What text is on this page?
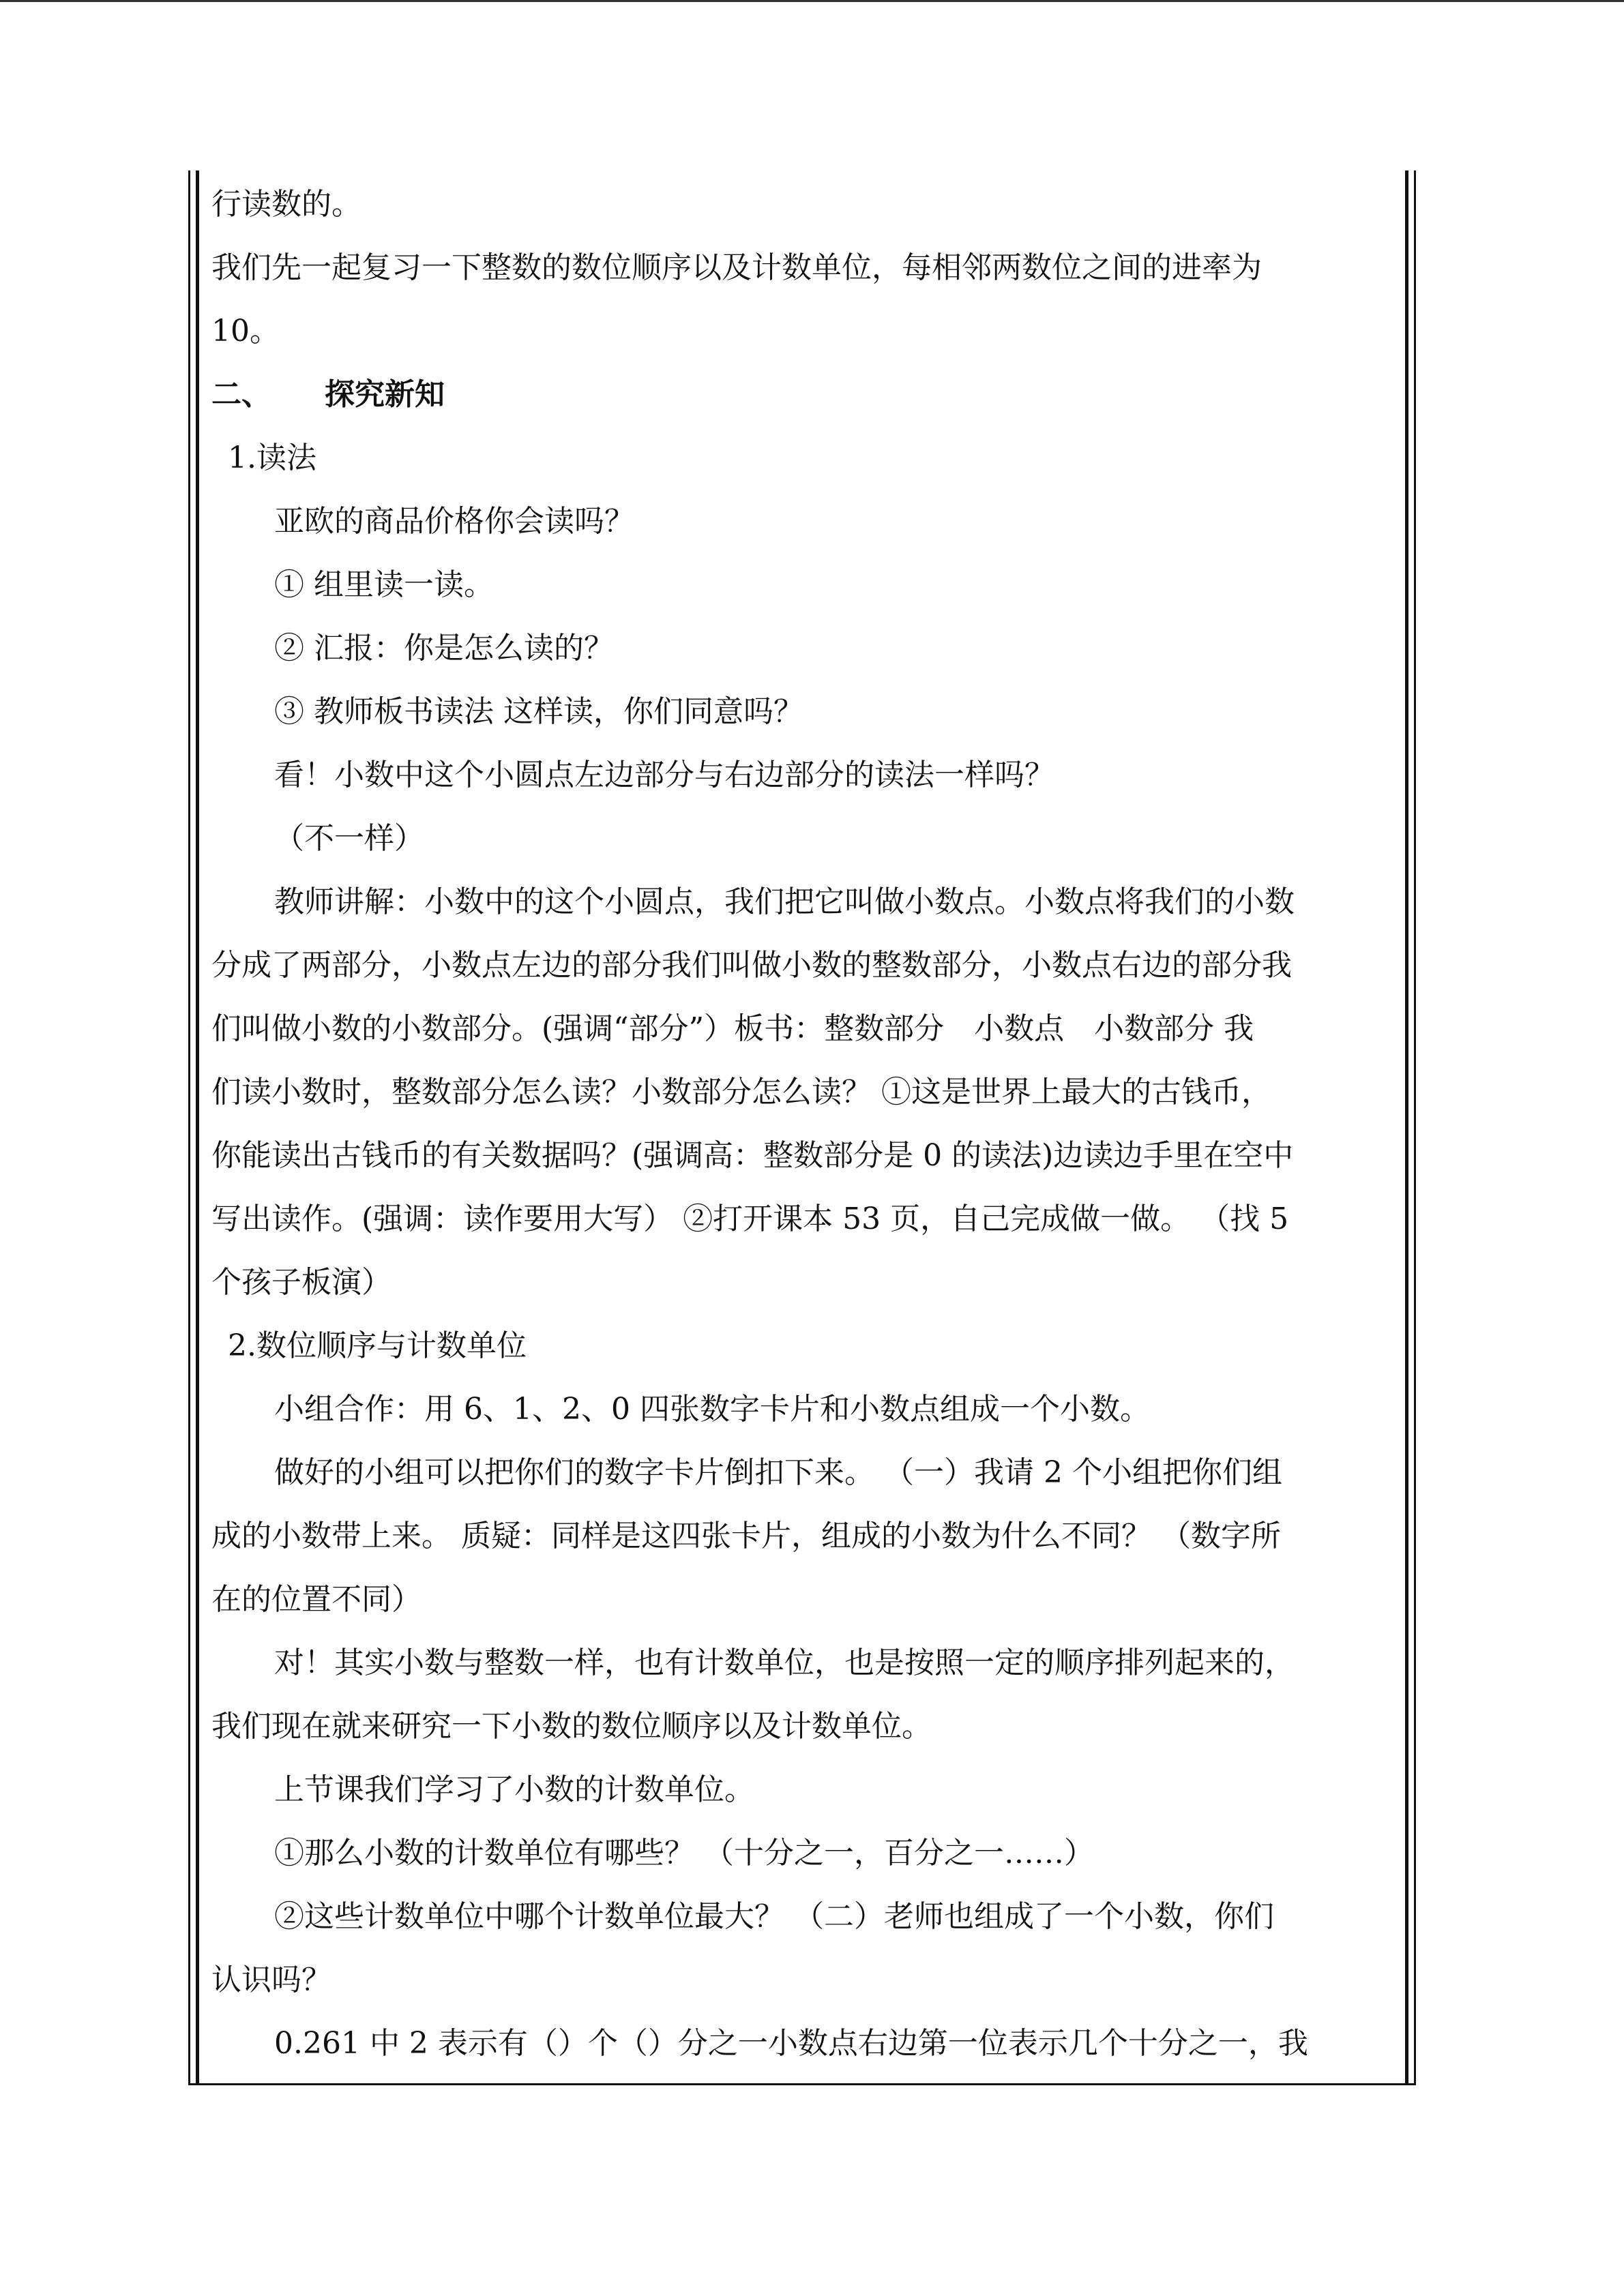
行读数的。
我们先一起复习一下整数的数位顺序以及计数单位，每相邻两数位之间的进率为
10。
二、 探究新知
1.读法
亚欧的商品价格你会读吗？
① 组里读一读。
② 汇报：你是怎么读的？
③ 教师板书读法 这样读，你们同意吗？
看！小数中这个小圆点左边部分与右边部分的读法一样吗？
（不一样）
教师讲解：小数中的这个小圆点，我们把它叫做小数点。小数点将我们的小数
分成了两部分，小数点左边的部分我们叫做小数的整数部分，小数点右边的部分我
们叫做小数的小数部分。(强调“部分”）板书：整数部分　小数点　小数部分 我
们读小数时，整数部分怎么读？小数部分怎么读？ ①这是世界上最大的古钱币，
你能读出古钱币的有关数据吗？(强调高：整数部分是 0 的读法)边读边手里在空中
写出读作。(强调：读作要用大写） ②打开课本 53 页，自己完成做一做。 （找 5
个孩子板演）
2.数位顺序与计数单位
小组合作：用 6、1、2、0 四张数字卡片和小数点组成一个小数。
做好的小组可以把你们的数字卡片倒扣下来。 （一）我请 2 个小组把你们组
成的小数带上来。 质疑：同样是这四张卡片，组成的小数为什么不同？ （数字所
在的位置不同）
对！其实小数与整数一样，也有计数单位，也是按照一定的顺序排列起来的，
我们现在就来研究一下小数的数位顺序以及计数单位。
上节课我们学习了小数的计数单位。
①那么小数的计数单位有哪些？ （十分之一，百分之一……）
②这些计数单位中哪个计数单位最大？ （二）老师也组成了一个小数，你们
认识吗？
0.261 中 2 表示有（）个（）分之一小数点右边第一位表示几个十分之一，我
